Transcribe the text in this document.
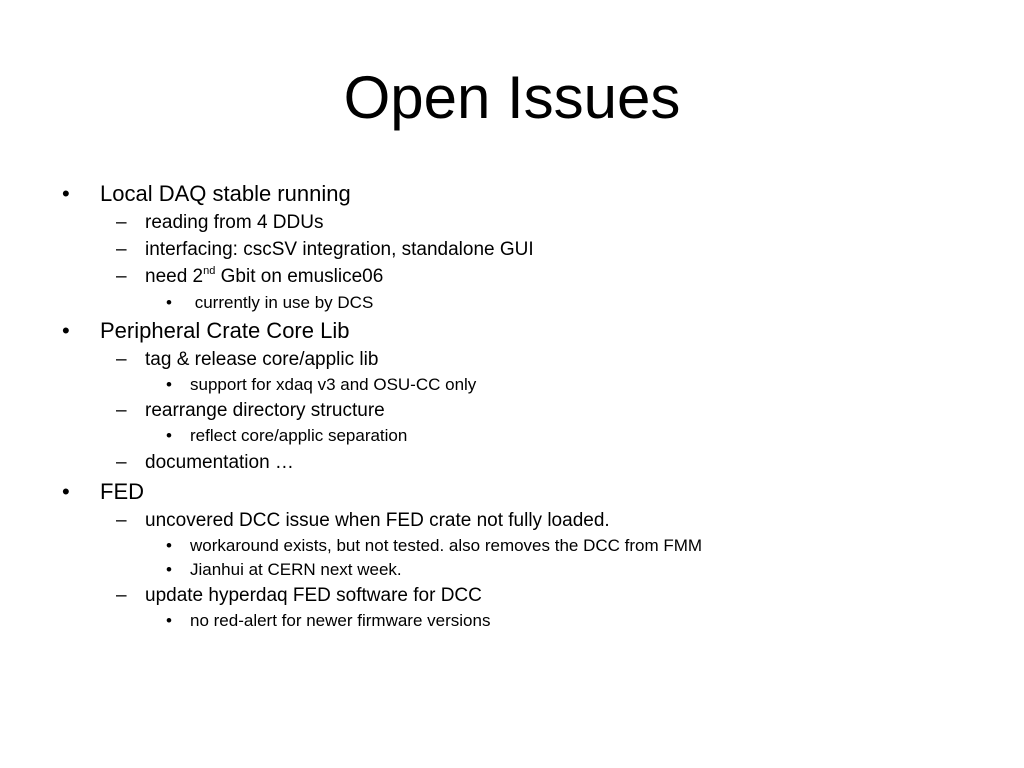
Open Issues
• Local DAQ stable running
– reading from 4 DDUs
– interfacing: cscSV integration, standalone GUI
– need 2nd Gbit on emuslice06
• currently in use by DCS
• Peripheral Crate Core Lib
– tag & release core/applic lib
• support for xdaq v3 and OSU-CC only
– rearrange directory structure
• reflect core/applic separation
– documentation …
• FED
– uncovered DCC issue when FED crate not fully loaded.
• workaround exists, but not tested. also removes the DCC from FMM
• Jianhui at CERN next week.
– update hyperdaq FED software for DCC
• no red-alert for newer firmware versions
